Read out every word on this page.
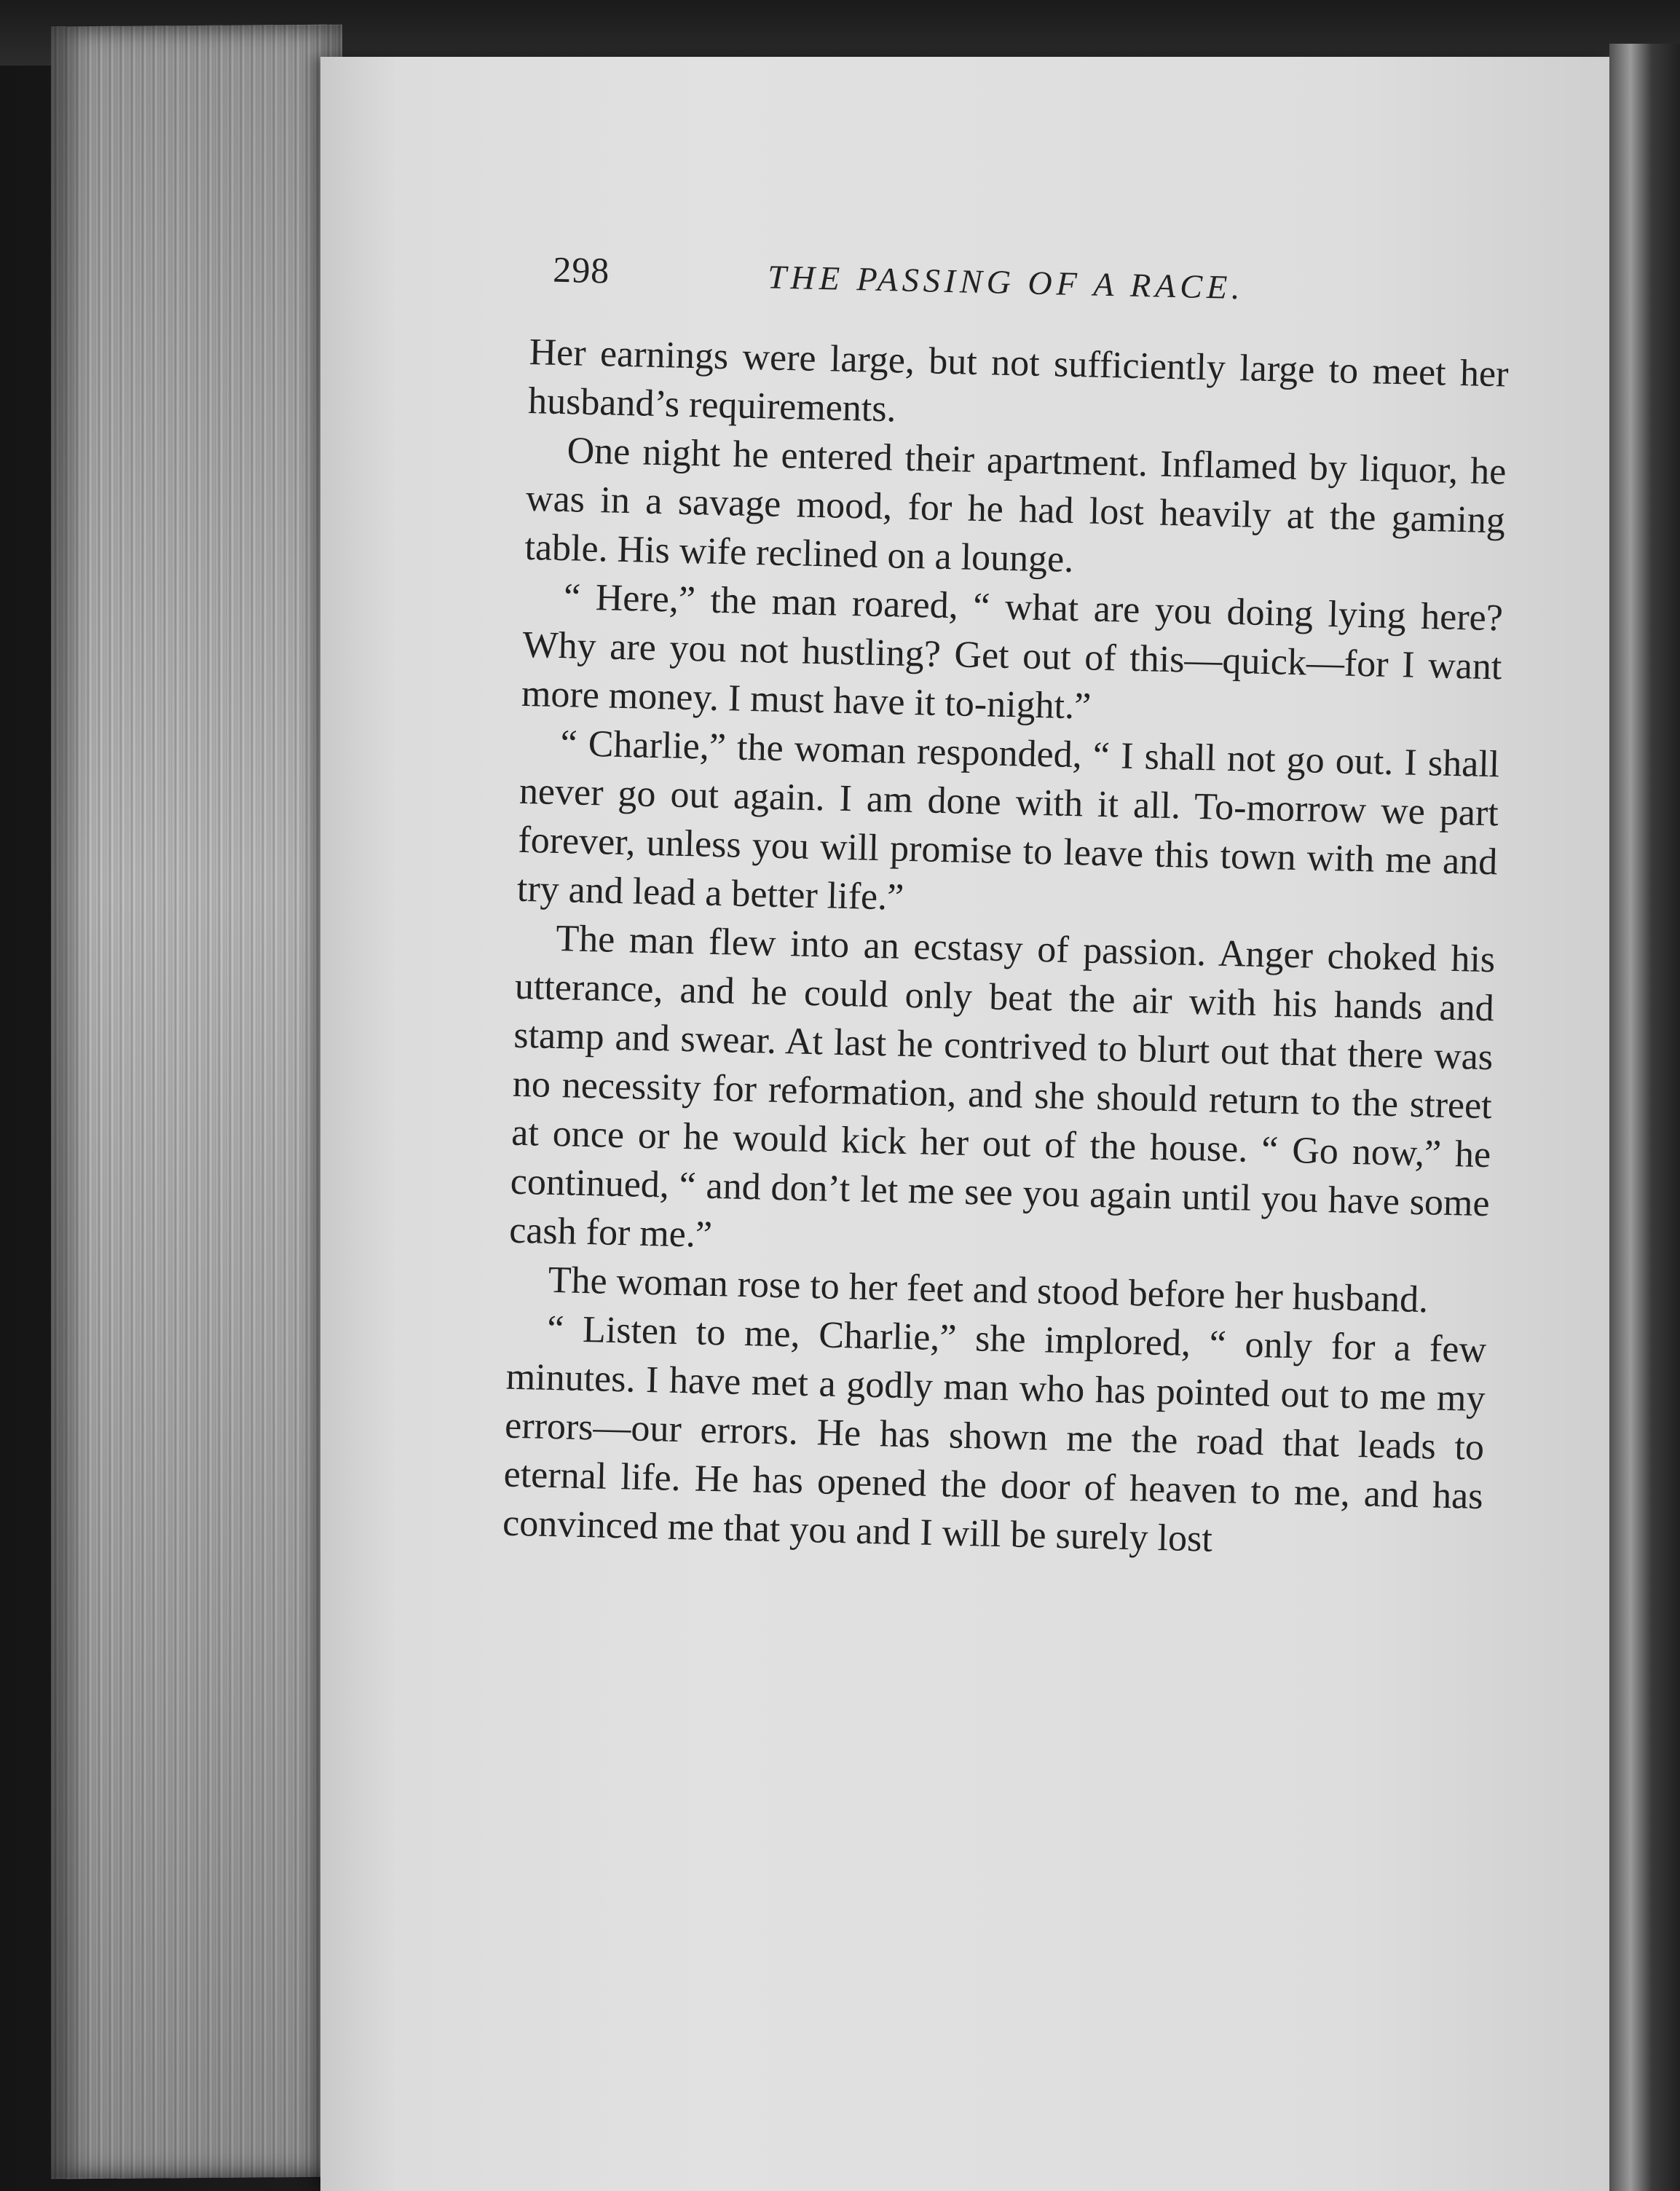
298	THE PASSING OF A RACE.

Her earnings were large, but not sufficiently large to meet her husband’s requirements.

One night he entered their apartment. Inflamed by liquor, he was in a savage mood, for he had lost heavily at the gaming table. His wife reclined on a lounge.

“ Here,” the man roared, “ what are you doing lying here? Why are you not hustling? Get out of this—quick—for I want more money. I must have it to-night.”

“ Charlie,” the woman responded, “ I shall not go out. I shall never go out again. I am done with it all. To-morrow we part forever, unless you will promise to leave this town with me and try and lead a better life.”

The man flew into an ecstasy of passion. Anger choked his utterance, and he could only beat the air with his hands and stamp and swear. At last he contrived to blurt out that there was no necessity for reformation, and she should return to the street at once or he would kick her out of the house. “ Go now,” he continued, “ and don’t let me see you again until you have some cash for me.”

The woman rose to her feet and stood before her husband.

“ Listen to me, Charlie,” she implored, “ only for a few minutes. I have met a godly man who has pointed out to me my errors—our errors. He has shown me the road that leads to eternal life. He has opened the door of heaven to me, and has convinced me that you and I will be surely lost
